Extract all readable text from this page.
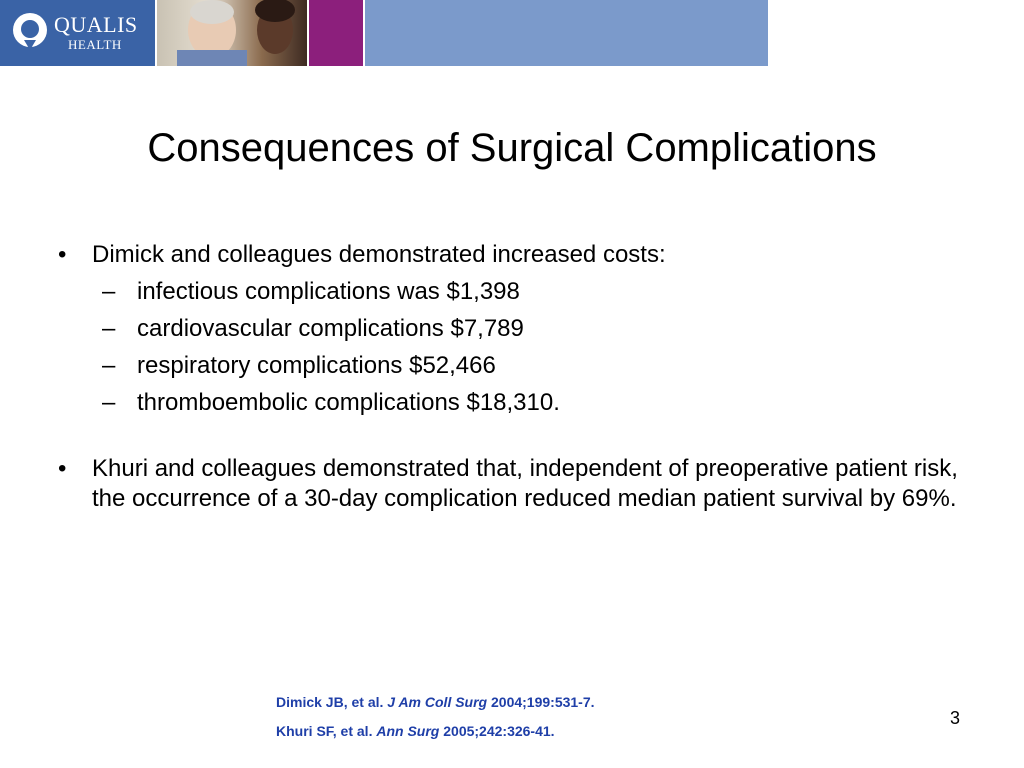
QUALIS
HEALTH
Consequences of Surgical Complications
• Dimick and colleagues demonstrated increased costs:
– infectious complications was $1,398
– cardiovascular complications $7,789
– respiratory complications $52,466
– thromboembolic complications $18,310.
• Khuri and colleagues demonstrated that, independent of preoperative patient risk, the occurrence of a 30-day complication reduced median patient survival by 69%.
Dimick JB, et al. J Am Coll Surg 2004;199:531-7.
Khuri SF, et al. Ann Surg 2005;242:326-41.
3
